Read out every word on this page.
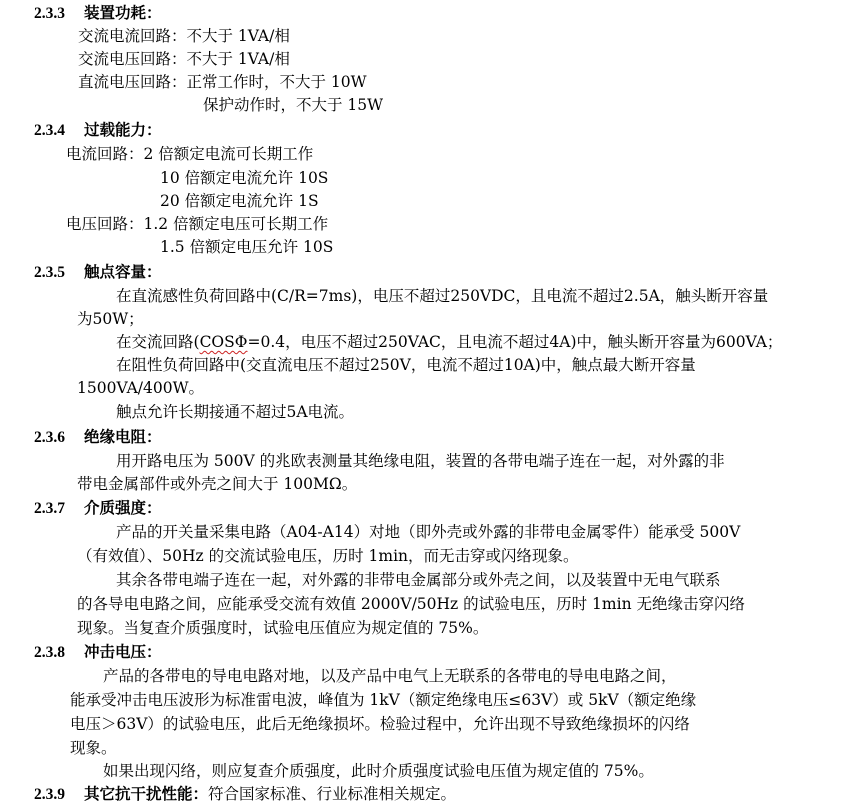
2.3.3 装置功耗：
交流电流回路：不大于 1VA/相
交流电压回路：不大于 1VA/相
直流电压回路：正常工作时，不大于 10W
保护动作时，不大于 15W
2.3.4 过载能力：
电流回路：2 倍额定电流可长期工作
10 倍额定电流允许 10S
20 倍额定电流允许 1S
电压回路：1.2 倍额定电压可长期工作
1.5 倍额定电压允许 10S
2.3.5 触点容量：
在直流感性负荷回路中(C/R=7ms)，电压不超过250VDC，且电流不超过2.5A，触头断开容量
为50W；
在交流回路(COSΦ=0.4，电压不超过250VAC，且电流不超过4A)中，触头断开容量为600VA；
在阻性负荷回路中(交直流电压不超过250V，电流不超过10A)中，触点最大断开容量
1500VA/400W。
触点允许长期接通不超过5A电流。
2.3.6 绝缘电阻：
用开路电压为 500V 的兆欧表测量其绝缘电阻，装置的各带电端子连在一起，对外露的非
带电金属部件或外壳之间大于 100MΩ。
2.3.7 介质强度：
产品的开关量采集电路（A04-A14）对地（即外壳或外露的非带电金属零件）能承受 500V
（有效值）、50Hz 的交流试验电压，历时 1min，而无击穿或闪络现象。
其余各带电端子连在一起，对外露的非带电金属部分或外壳之间，以及装置中无电气联系
的各导电电路之间，应能承受交流有效值 2000V/50Hz 的试验电压，历时 1min 无绝缘击穿闪络
现象。当复查介质强度时，试验电压值应为规定值的 75%。
2.3.8 冲击电压：
产品的各带电的导电电路对地，以及产品中电气上无联系的各带电的导电电路之间，
能承受冲击电压波形为标准雷电波，峰值为 1kV（额定绝缘电压≤63V）或 5kV（额定绝缘
电压＞63V）的试验电压，此后无绝缘损坏。检验过程中，允许出现不导致绝缘损坏的闪络
现象。
如果出现闪络，则应复查介质强度，此时介质强度试验电压值为规定值的 75%。
2.3.9 其它抗干扰性能：符合国家标准、行业标准相关规定。
